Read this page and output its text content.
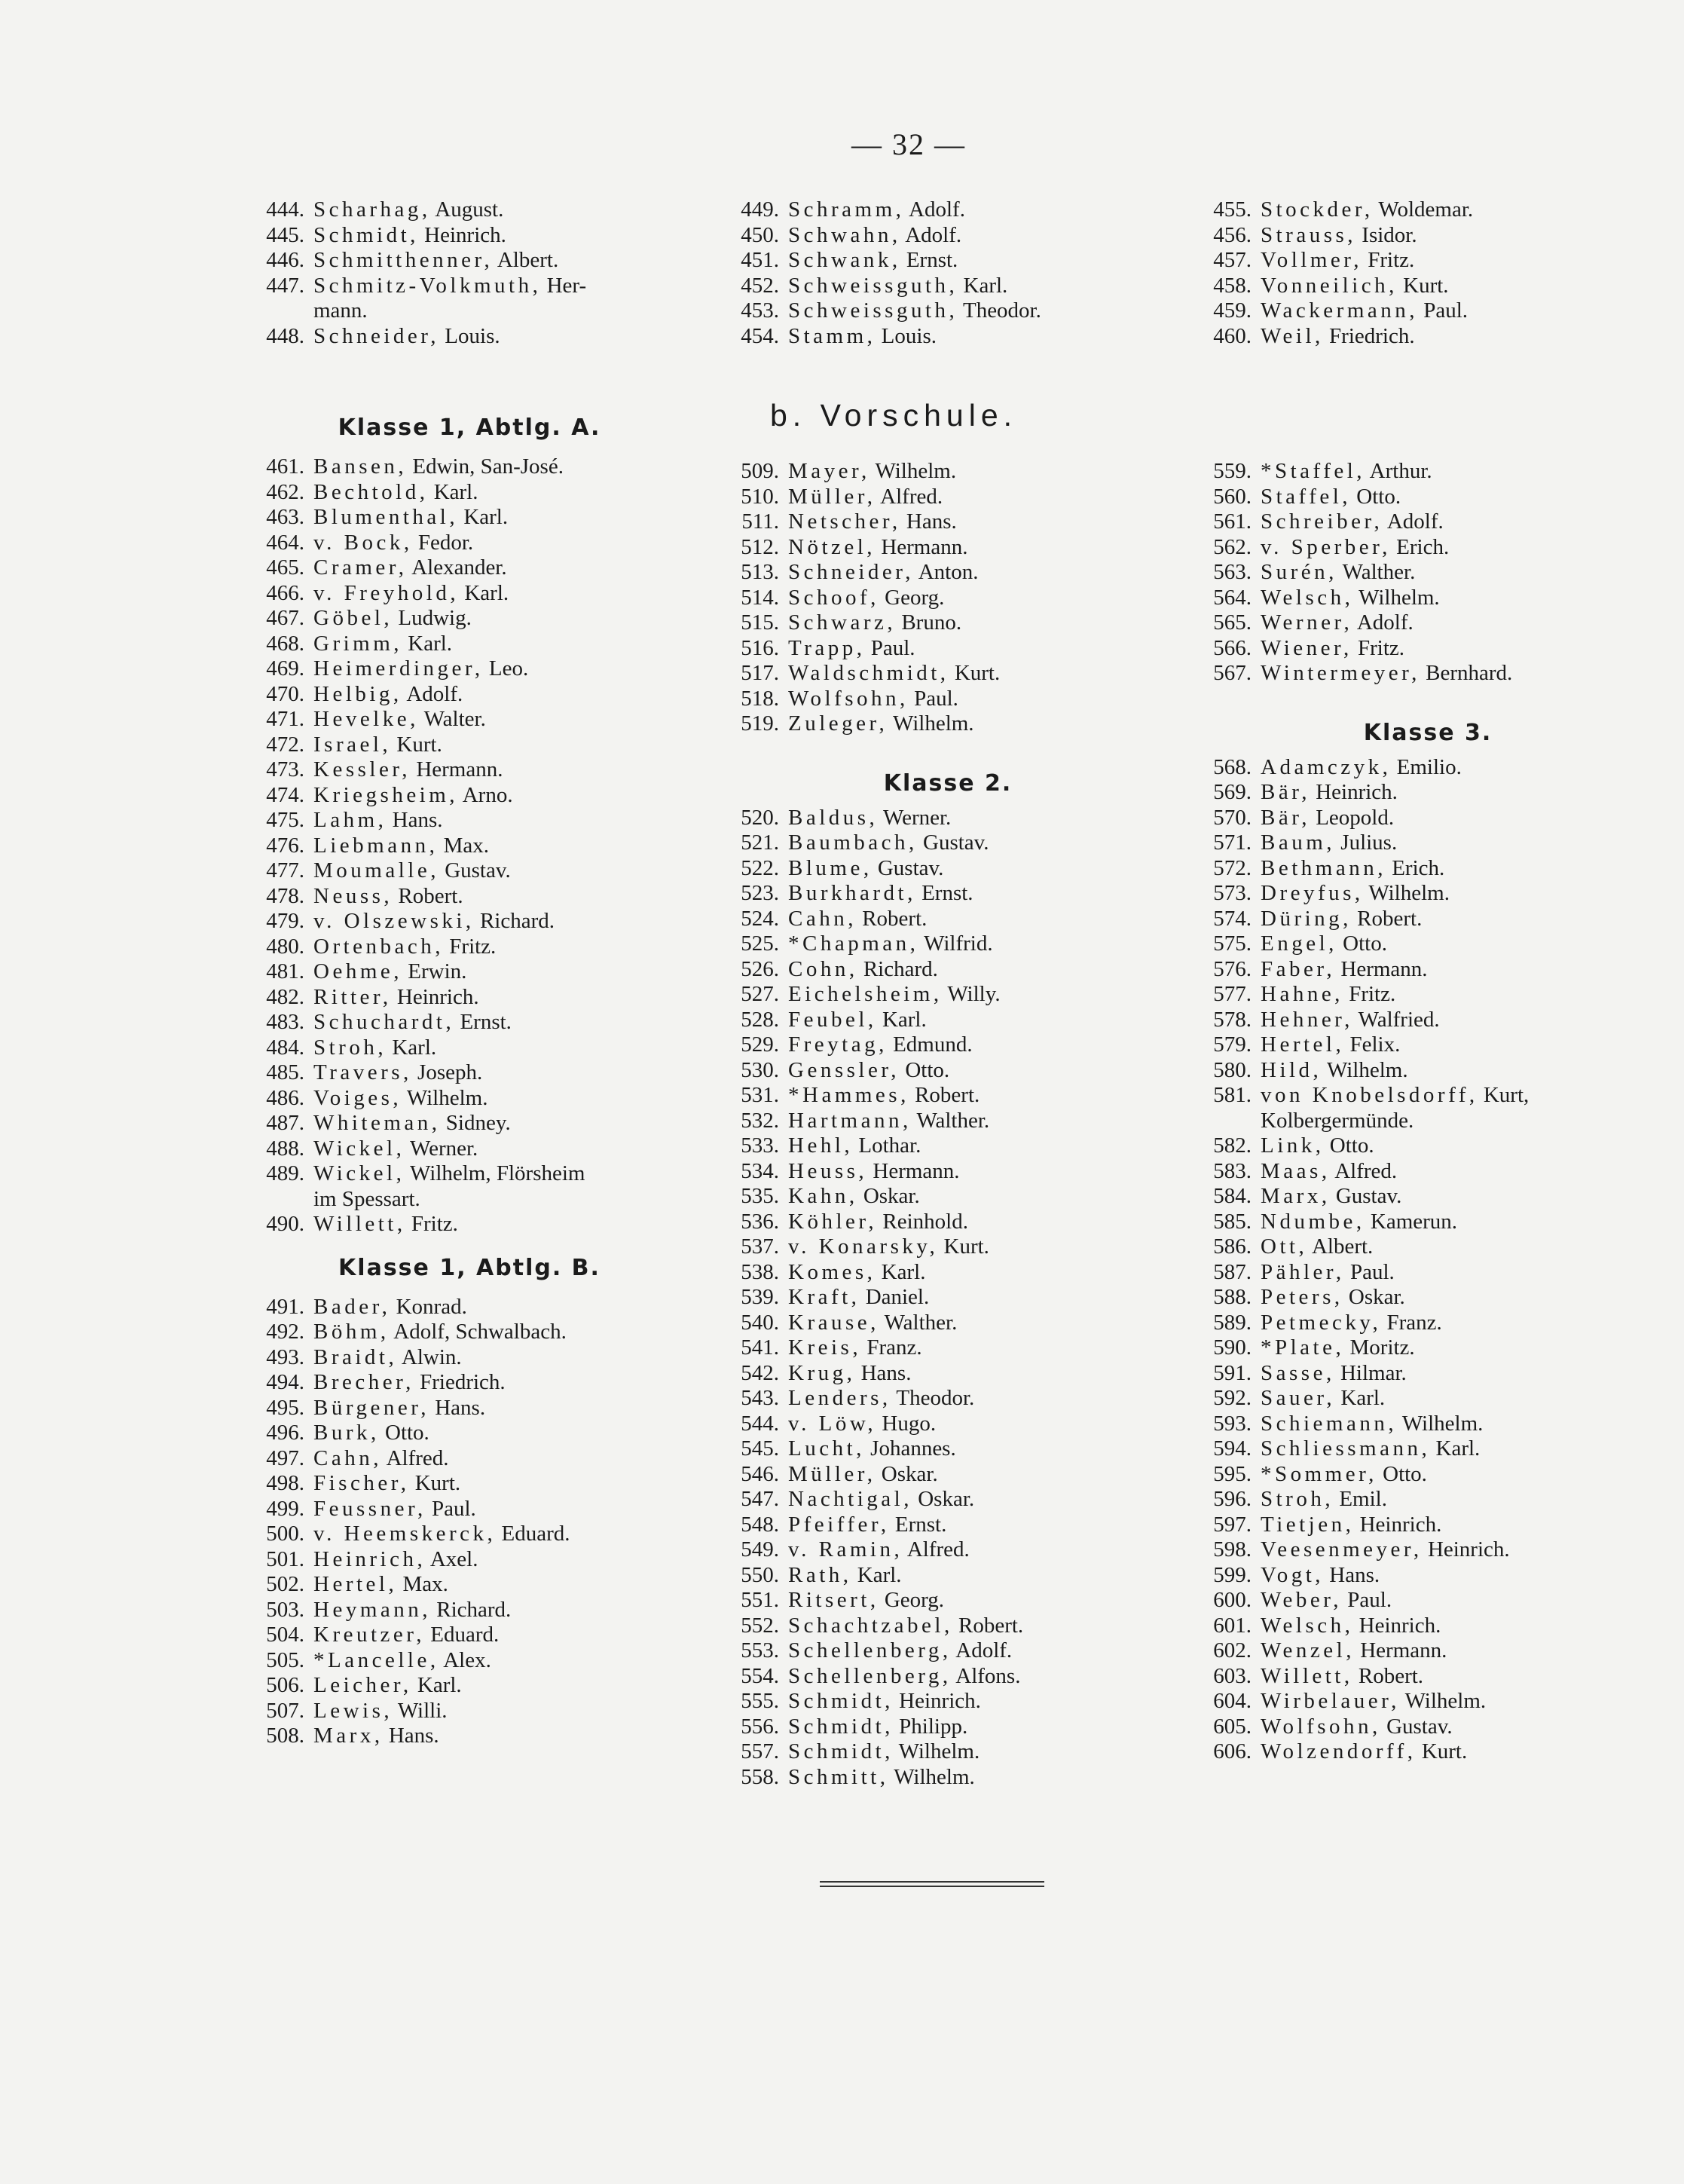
— 32 —
b. Vorschule.
444. Scharhag, August.
445. Schmidt, Heinrich.
446. Schmitthenner, Albert.
447. Schmitz-Volkmuth, Her-
mann.
448. Schneider, Louis.
Klasse 1, Abtlg. A.
461. Bansen, Edwin, San-José.
462. Bechtold, Karl.
463. Blumenthal, Karl.
464. v. Bock, Fedor.
465. Cramer, Alexander.
466. v. Freyhold, Karl.
467. Göbel, Ludwig.
468. Grimm, Karl.
469. Heimerdinger, Leo.
470. Helbig, Adolf.
471. Hevelke, Walter.
472. Israel, Kurt.
473. Kessler, Hermann.
474. Kriegsheim, Arno.
475. Lahm, Hans.
476. Liebmann, Max.
477. Moumalle, Gustav.
478. Neuss, Robert.
479. v. Olszewski, Richard.
480. Ortenbach, Fritz.
481. Oehme, Erwin.
482. Ritter, Heinrich.
483. Schuchardt, Ernst.
484. Stroh, Karl.
485. Travers, Joseph.
486. Voiges, Wilhelm.
487. Whiteman, Sidney.
488. Wickel, Werner.
489. Wickel, Wilhelm, Flörsheim
im Spessart.
490. Willett, Fritz.
Klasse 1, Abtlg. B.
491. Bader, Konrad.
492. Böhm, Adolf, Schwalbach.
493. Braidt, Alwin.
494. Brecher, Friedrich.
495. Bürgener, Hans.
496. Burk, Otto.
497. Cahn, Alfred.
498. Fischer, Kurt.
499. Feussner, Paul.
500. v. Heemskerck, Eduard.
501. Heinrich, Axel.
502. Hertel, Max.
503. Heymann, Richard.
504. Kreutzer, Eduard.
505. *Lancelle, Alex.
506. Leicher, Karl.
507. Lewis, Willi.
508. Marx, Hans.
449. Schramm, Adolf.
450. Schwahn, Adolf.
451. Schwank, Ernst.
452. Schweissguth, Karl.
453. Schweissguth, Theodor.
454. Stamm, Louis.
509. Mayer, Wilhelm.
510. Müller, Alfred.
511. Netscher, Hans.
512. Nötzel, Hermann.
513. Schneider, Anton.
514. Schoof, Georg.
515. Schwarz, Bruno.
516. Trapp, Paul.
517. Waldschmidt, Kurt.
518. Wolfsohn, Paul.
519. Zuleger, Wilhelm.
Klasse 2.
520. Baldus, Werner.
521. Baumbach, Gustav.
522. Blume, Gustav.
523. Burkhardt, Ernst.
524. Cahn, Robert.
525. *Chapman, Wilfrid.
526. Cohn, Richard.
527. Eichelsheim, Willy.
528. Feubel, Karl.
529. Freytag, Edmund.
530. Genssler, Otto.
531. *Hammes, Robert.
532. Hartmann, Walther.
533. Hehl, Lothar.
534. Heuss, Hermann.
535. Kahn, Oskar.
536. Köhler, Reinhold.
537. v. Konarsky, Kurt.
538. Komes, Karl.
539. Kraft, Daniel.
540. Krause, Walther.
541. Kreis, Franz.
542. Krug, Hans.
543. Lenders, Theodor.
544. v. Löw, Hugo.
545. Lucht, Johannes.
546. Müller, Oskar.
547. Nachtigal, Oskar.
548. Pfeiffer, Ernst.
549. v. Ramin, Alfred.
550. Rath, Karl.
551. Ritsert, Georg.
552. Schachtzabel, Robert.
553. Schellenberg, Adolf.
554. Schellenberg, Alfons.
555. Schmidt, Heinrich.
556. Schmidt, Philipp.
557. Schmidt, Wilhelm.
558. Schmitt, Wilhelm.
455. Stockder, Woldemar.
456. Strauss, Isidor.
457. Vollmer, Fritz.
458. Vonneilich, Kurt.
459. Wackermann, Paul.
460. Weil, Friedrich.
559. *Staffel, Arthur.
560. Staffel, Otto.
561. Schreiber, Adolf.
562. v. Sperber, Erich.
563. Surén, Walther.
564. Welsch, Wilhelm.
565. Werner, Adolf.
566. Wiener, Fritz.
567. Wintermeyer, Bernhard.
Klasse 3.
568. Adamczyk, Emilio.
569. Bär, Heinrich.
570. Bär, Leopold.
571. Baum, Julius.
572. Bethmann, Erich.
573. Dreyfus, Wilhelm.
574. Düring, Robert.
575. Engel, Otto.
576. Faber, Hermann.
577. Hahne, Fritz.
578. Hehner, Walfried.
579. Hertel, Felix.
580. Hild, Wilhelm.
581. von Knobelsdorff, Kurt,
Kolbergermünde.
582. Link, Otto.
583. Maas, Alfred.
584. Marx, Gustav.
585. Ndumbe, Kamerun.
586. Ott, Albert.
587. Pähler, Paul.
588. Peters, Oskar.
589. Petmecky, Franz.
590. *Plate, Moritz.
591. Sasse, Hilmar.
592. Sauer, Karl.
593. Schiemann, Wilhelm.
594. Schliessmann, Karl.
595. *Sommer, Otto.
596. Stroh, Emil.
597. Tietjen, Heinrich.
598. Veesenmeyer, Heinrich.
599. Vogt, Hans.
600. Weber, Paul.
601. Welsch, Heinrich.
602. Wenzel, Hermann.
603. Willett, Robert.
604. Wirbelauer, Wilhelm.
605. Wolfsohn, Gustav.
606. Wolzendorff, Kurt.
